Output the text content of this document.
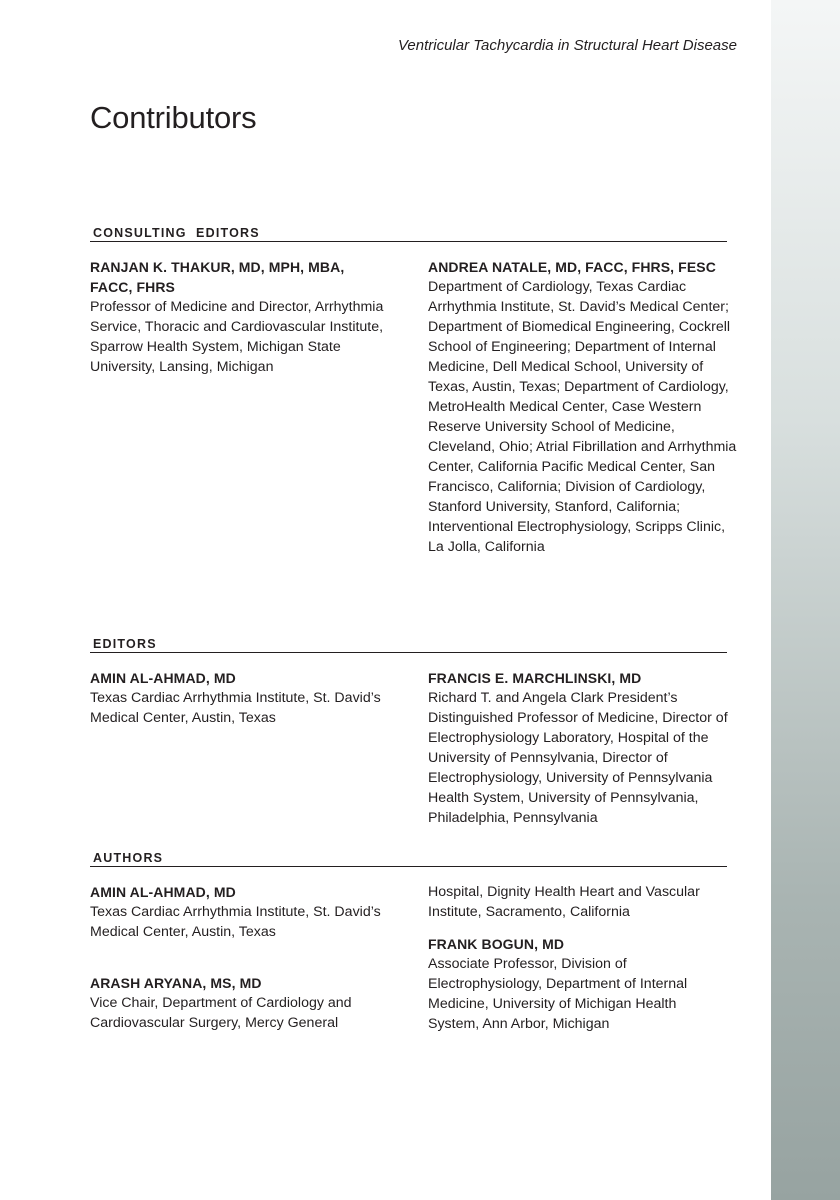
Ventricular Tachycardia in Structural Heart Disease
Contributors
CONSULTING  EDITORS
RANJAN K. THAKUR, MD, MPH, MBA, FACC, FHRS
Professor of Medicine and Director, Arrhythmia Service, Thoracic and Cardiovascular Institute, Sparrow Health System, Michigan State University, Lansing, Michigan
ANDREA NATALE, MD, FACC, FHRS, FESC
Department of Cardiology, Texas Cardiac Arrhythmia Institute, St. David’s Medical Center; Department of Biomedical Engineering, Cockrell School of Engineering; Department of Internal Medicine, Dell Medical School, University of Texas, Austin, Texas; Department of Cardiology, MetroHealth Medical Center, Case Western Reserve University School of Medicine, Cleveland, Ohio; Atrial Fibrillation and Arrhythmia Center, California Pacific Medical Center, San Francisco, California; Division of Cardiology, Stanford University, Stanford, California; Interventional Electrophysiology, Scripps Clinic, La Jolla, California
EDITORS
AMIN AL-AHMAD, MD
Texas Cardiac Arrhythmia Institute, St. David’s Medical Center, Austin, Texas
FRANCIS E. MARCHLINSKI, MD
Richard T. and Angela Clark President’s Distinguished Professor of Medicine, Director of Electrophysiology Laboratory, Hospital of the University of Pennsylvania, Director of Electrophysiology, University of Pennsylvania Health System, University of Pennsylvania, Philadelphia, Pennsylvania
AUTHORS
AMIN AL-AHMAD, MD
Texas Cardiac Arrhythmia Institute, St. David’s Medical Center, Austin, Texas
ARASH ARYANA, MS, MD
Vice Chair, Department of Cardiology and Cardiovascular Surgery, Mercy General
Hospital, Dignity Health Heart and Vascular Institute, Sacramento, California
FRANK BOGUN, MD
Associate Professor, Division of Electrophysiology, Department of Internal Medicine, University of Michigan Health System, Ann Arbor, Michigan
